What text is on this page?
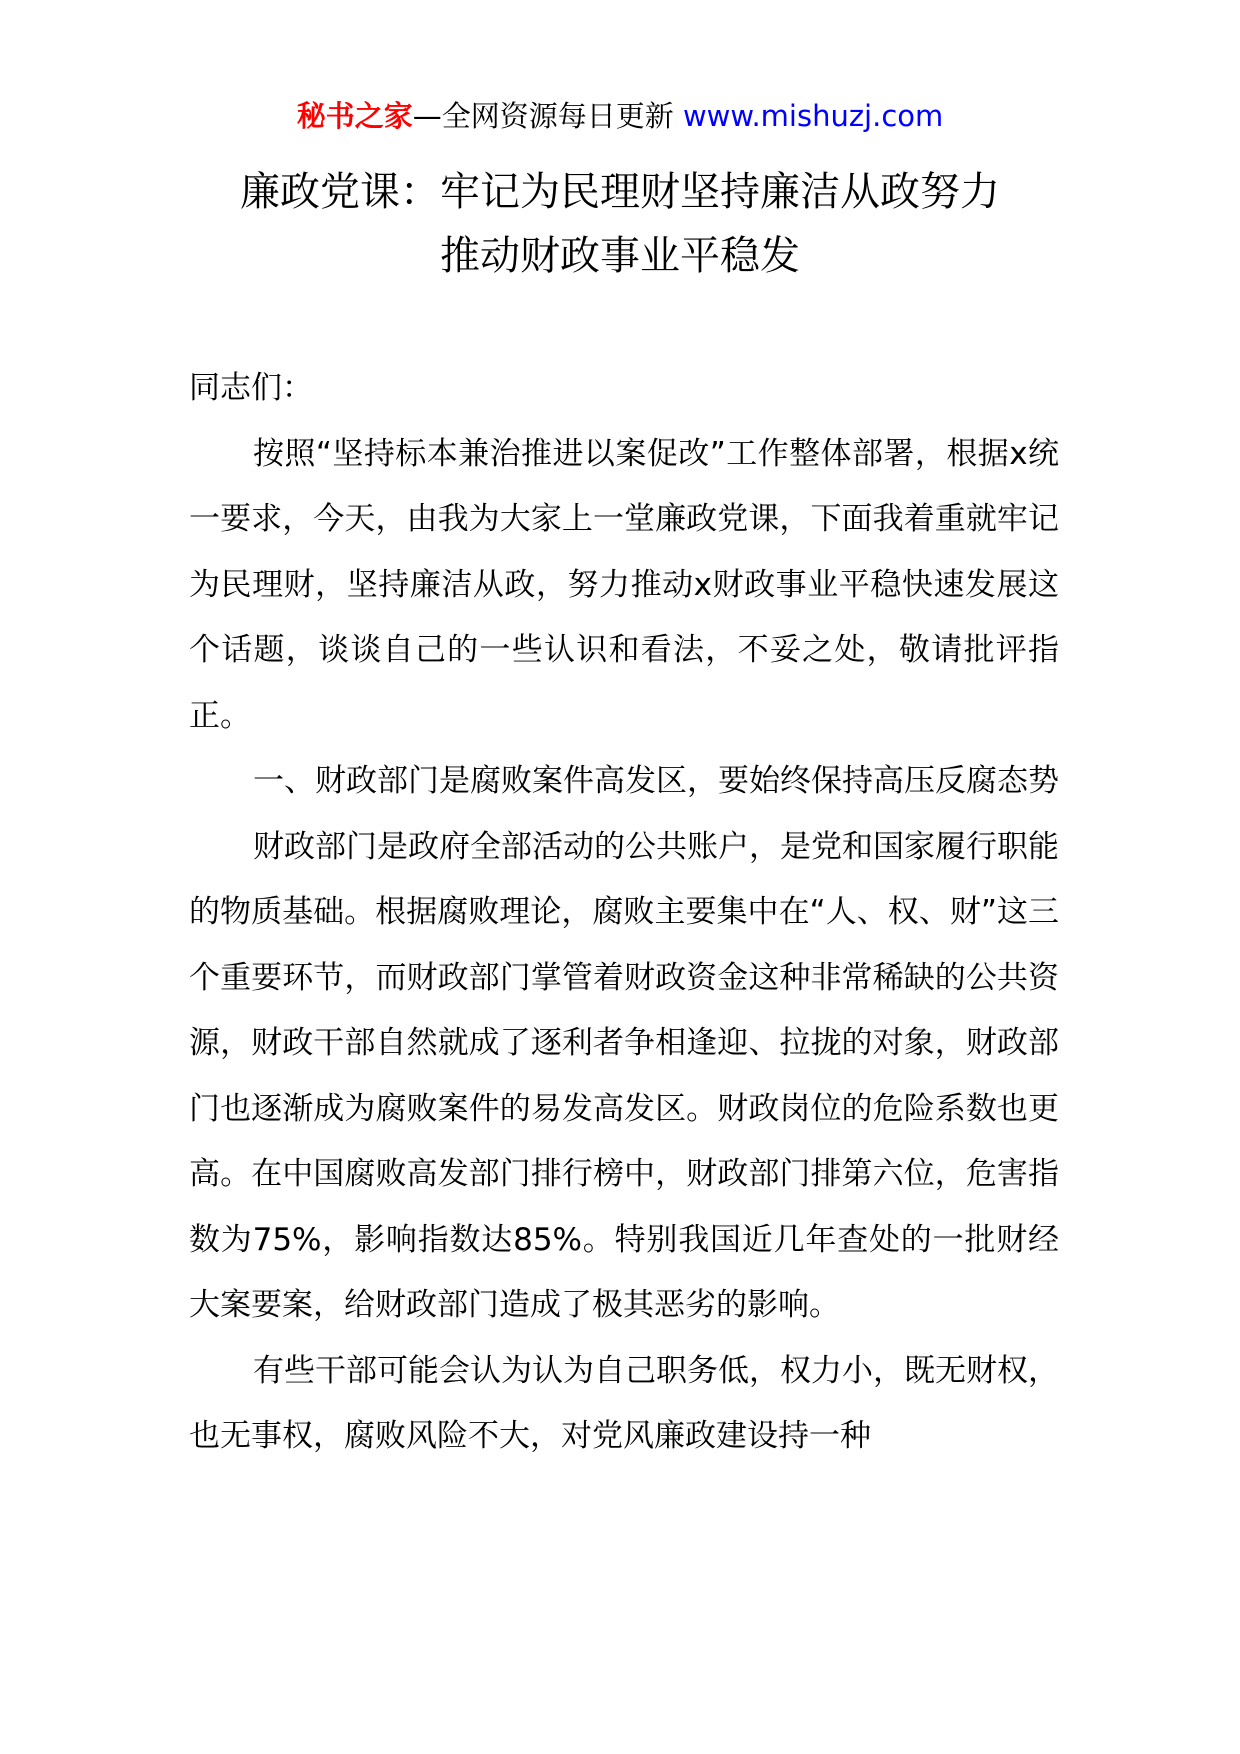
秘书之家—全网资源每日更新 www.mishuzj.com
廉政党课：牢记为民理财坚持廉洁从政努力
推动财政事业平稳发

同志们：

按照“坚持标本兼治推进以案促改”工作整体部署，根据x统一要求，今天，由我为大家上一堂廉政党课，下面我着重就牢记为民理财，坚持廉洁从政，努力推动x财政事业平稳快速发展这个话题，谈谈自己的一些认识和看法，不妥之处，敬请批评指正。

一、财政部门是腐败案件高发区，要始终保持高压反腐态势

财政部门是政府全部活动的公共账户，是党和国家履行职能的物质基础。根据腐败理论，腐败主要集中在“人、权、财”这三个重要环节，而财政部门掌管着财政资金这种非常稀缺的公共资源，财政干部自然就成了逐利者争相逢迎、拉拢的对象，财政部门也逐渐成为腐败案件的易发高发区。财政岗位的危险系数也更高。在中国腐败高发部门排行榜中，财政部门排第六位，危害指数为75%，影响指数达85%。特别我国近几年查处的一批财经大案要案，给财政部门造成了极其恶劣的影响。

有些干部可能会认为认为自己职务低，权力小，既无财权，也无事权，腐败风险不大，对党风廉政建设持一种
